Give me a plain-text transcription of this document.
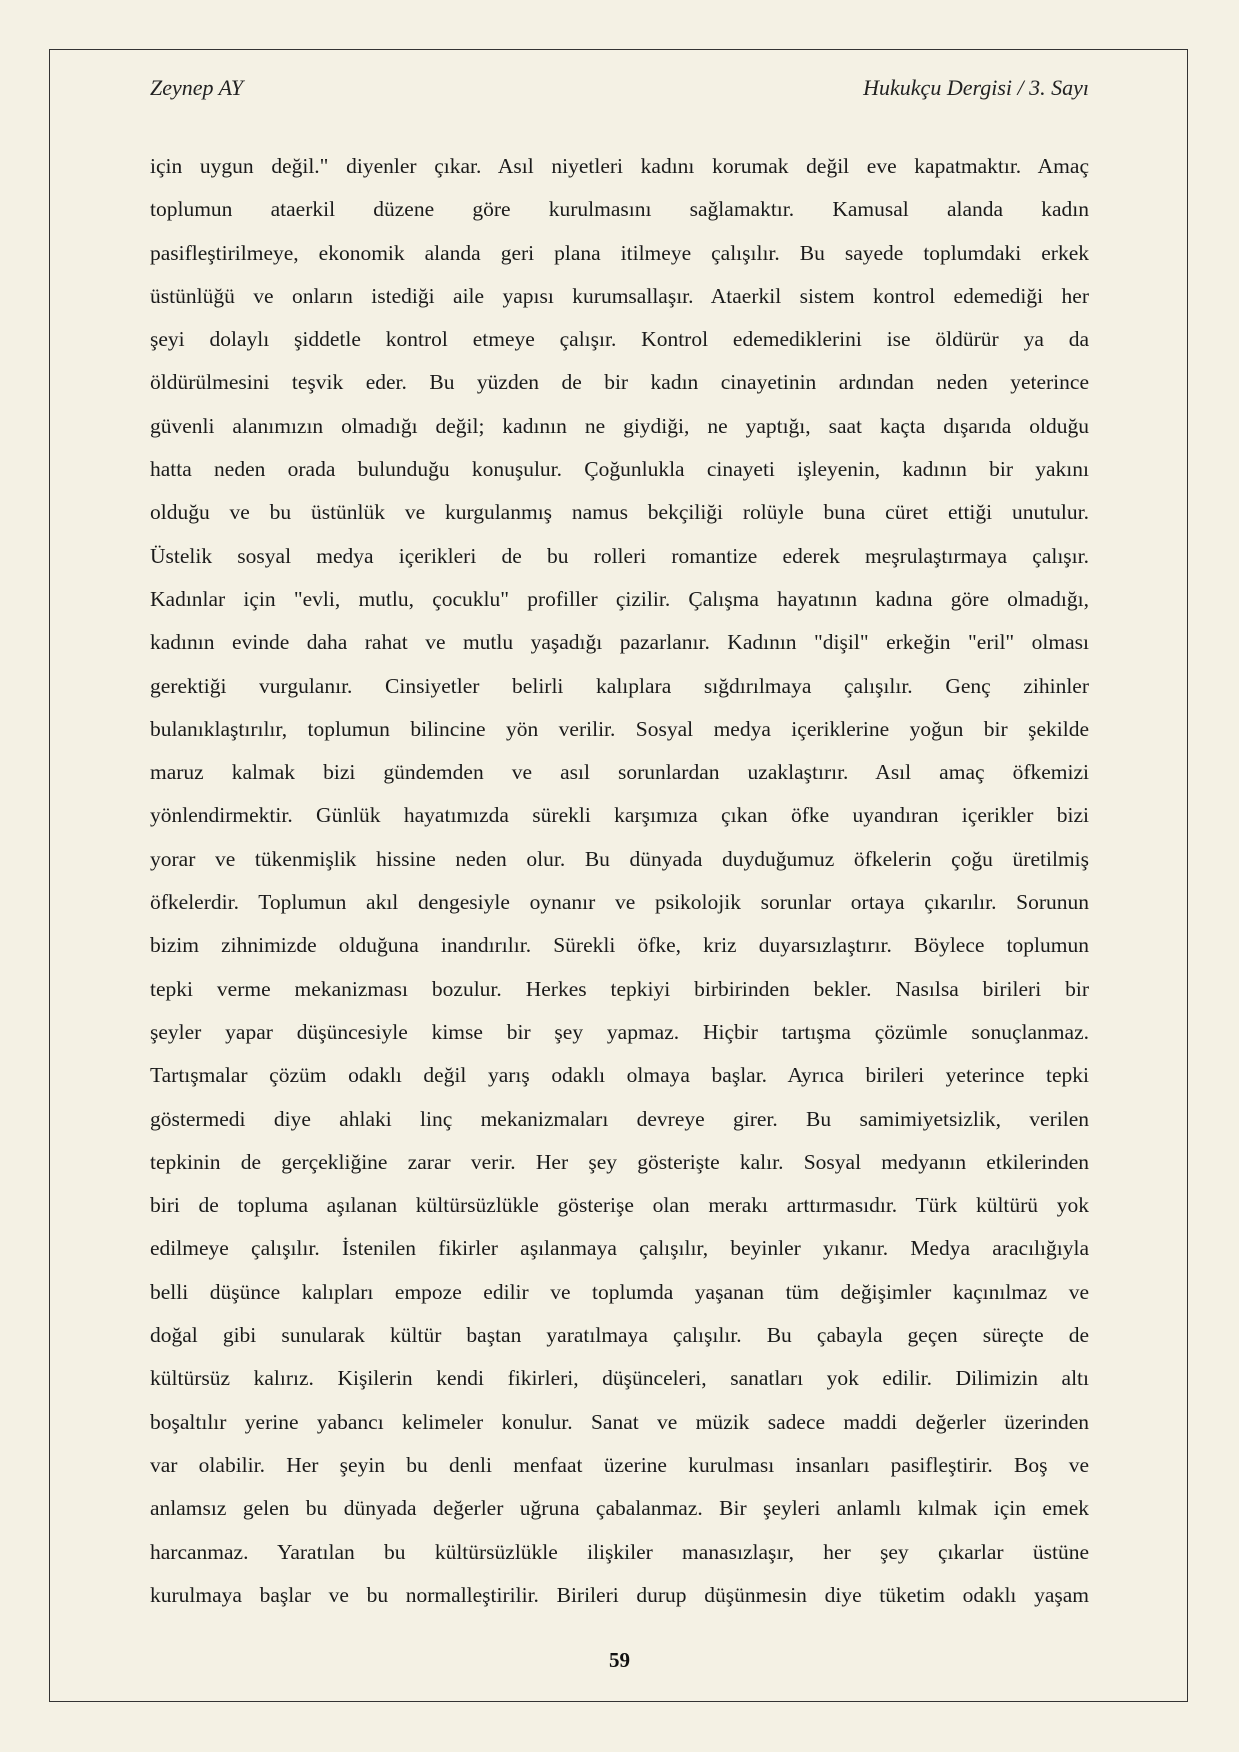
Zeynep AY	Hukukçu Dergisi / 3. Sayı
için uygun değil." diyenler çıkar. Asıl niyetleri kadını korumak değil eve kapatmaktır. Amaç
toplumun ataerkil düzene göre kurulmasını sağlamaktır. Kamusal alanda kadın
pasifleştirilmeye, ekonomik alanda geri plana itilmeye çalışılır. Bu sayede toplumdaki erkek
üstünlüğü ve onların istediği aile yapısı kurumsallaşır. Ataerkil sistem kontrol edemediği her
şeyi dolaylı şiddetle kontrol etmeye çalışır. Kontrol edemediklerini ise öldürür ya da
öldürülmesini teşvik eder. Bu yüzden de bir kadın cinayetinin ardından neden yeterince
güvenli alanımızın olmadığı değil; kadının ne giydiği, ne yaptığı, saat kaçta dışarıda olduğu
hatta neden orada bulunduğu konuşulur. Çoğunlukla cinayeti işleyenin, kadının bir yakını
olduğu ve bu üstünlük ve kurgulanmış namus bekçiliği rolüyle buna cüret ettiği unutulur.
Üstelik sosyal medya içerikleri de bu rolleri romantize ederek meşrulaştırmaya çalışır.
Kadınlar için "evli, mutlu, çocuklu" profiller çizilir. Çalışma hayatının kadına göre olmadığı,
kadının evinde daha rahat ve mutlu yaşadığı pazarlanır. Kadının "dişil" erkeğin "eril" olması
gerektiği vurgulanır. Cinsiyetler belirli kalıplara sığdırılmaya çalışılır. Genç zihinler
bulanıklaştırılır, toplumun bilincine yön verilir. Sosyal medya içeriklerine yoğun bir şekilde
maruz kalmak bizi gündemden ve asıl sorunlardan uzaklaştırır. Asıl amaç öfkemizi
yönlendirmektir. Günlük hayatımızda sürekli karşımıza çıkan öfke uyandıran içerikler bizi
yorar ve tükenmişlik hissine neden olur. Bu dünyada duyduğumuz öfkelerin çoğu üretilmiş
öfkelerdir. Toplumun akıl dengesiyle oynanır ve psikolojik sorunlar ortaya çıkarılır. Sorunun
bizim zihnimizde olduğuna inandırılır. Sürekli öfke, kriz duyarsızlaştırır. Böylece toplumun
tepki verme mekanizması bozulur. Herkes tepkiyi birbirinden bekler. Nasılsa birileri bir
şeyler yapar düşüncesiyle kimse bir şey yapmaz. Hiçbir tartışma çözümle sonuçlanmaz.
Tartışmalar çözüm odaklı değil yarış odaklı olmaya başlar. Ayrıca birileri yeterince tepki
göstermedi diye ahlaki linç mekanizmaları devreye girer. Bu samimiyetsizlik, verilen
tepkinin de gerçekliğine zarar verir. Her şey gösterişte kalır. Sosyal medyanın etkilerinden
biri de topluma aşılanan kültürsüzlükle gösterişe olan merakı arttırmasıdır. Türk kültürü yok
edilmeye çalışılır. İstenilen fikirler aşılanmaya çalışılır, beyinler yıkanır. Medya aracılığıyla
belli düşünce kalıpları empoze edilir ve toplumda yaşanan tüm değişimler kaçınılmaz ve
doğal gibi sunularak kültür baştan yaratılmaya çalışılır. Bu çabayla geçen süreçte de
kültürsüz kalırız. Kişilerin kendi fikirleri, düşünceleri, sanatları yok edilir. Dilimizin altı
boşaltılır yerine yabancı kelimeler konulur. Sanat ve müzik sadece maddi değerler üzerinden
var olabilir. Her şeyin bu denli menfaat üzerine kurulması insanları pasifleştirir. Boş ve
anlamsız gelen bu dünyada değerler uğruna çabalanmaz. Bir şeyleri anlamlı kılmak için emek
harcanmaz. Yaratılan bu kültürsüzlükle ilişkiler manasızlaşır, her şey çıkarlar üstüne
kurulmaya başlar ve bu normalleştirilir. Birileri durup düşünmesin diye tüketim odaklı yaşam
59
